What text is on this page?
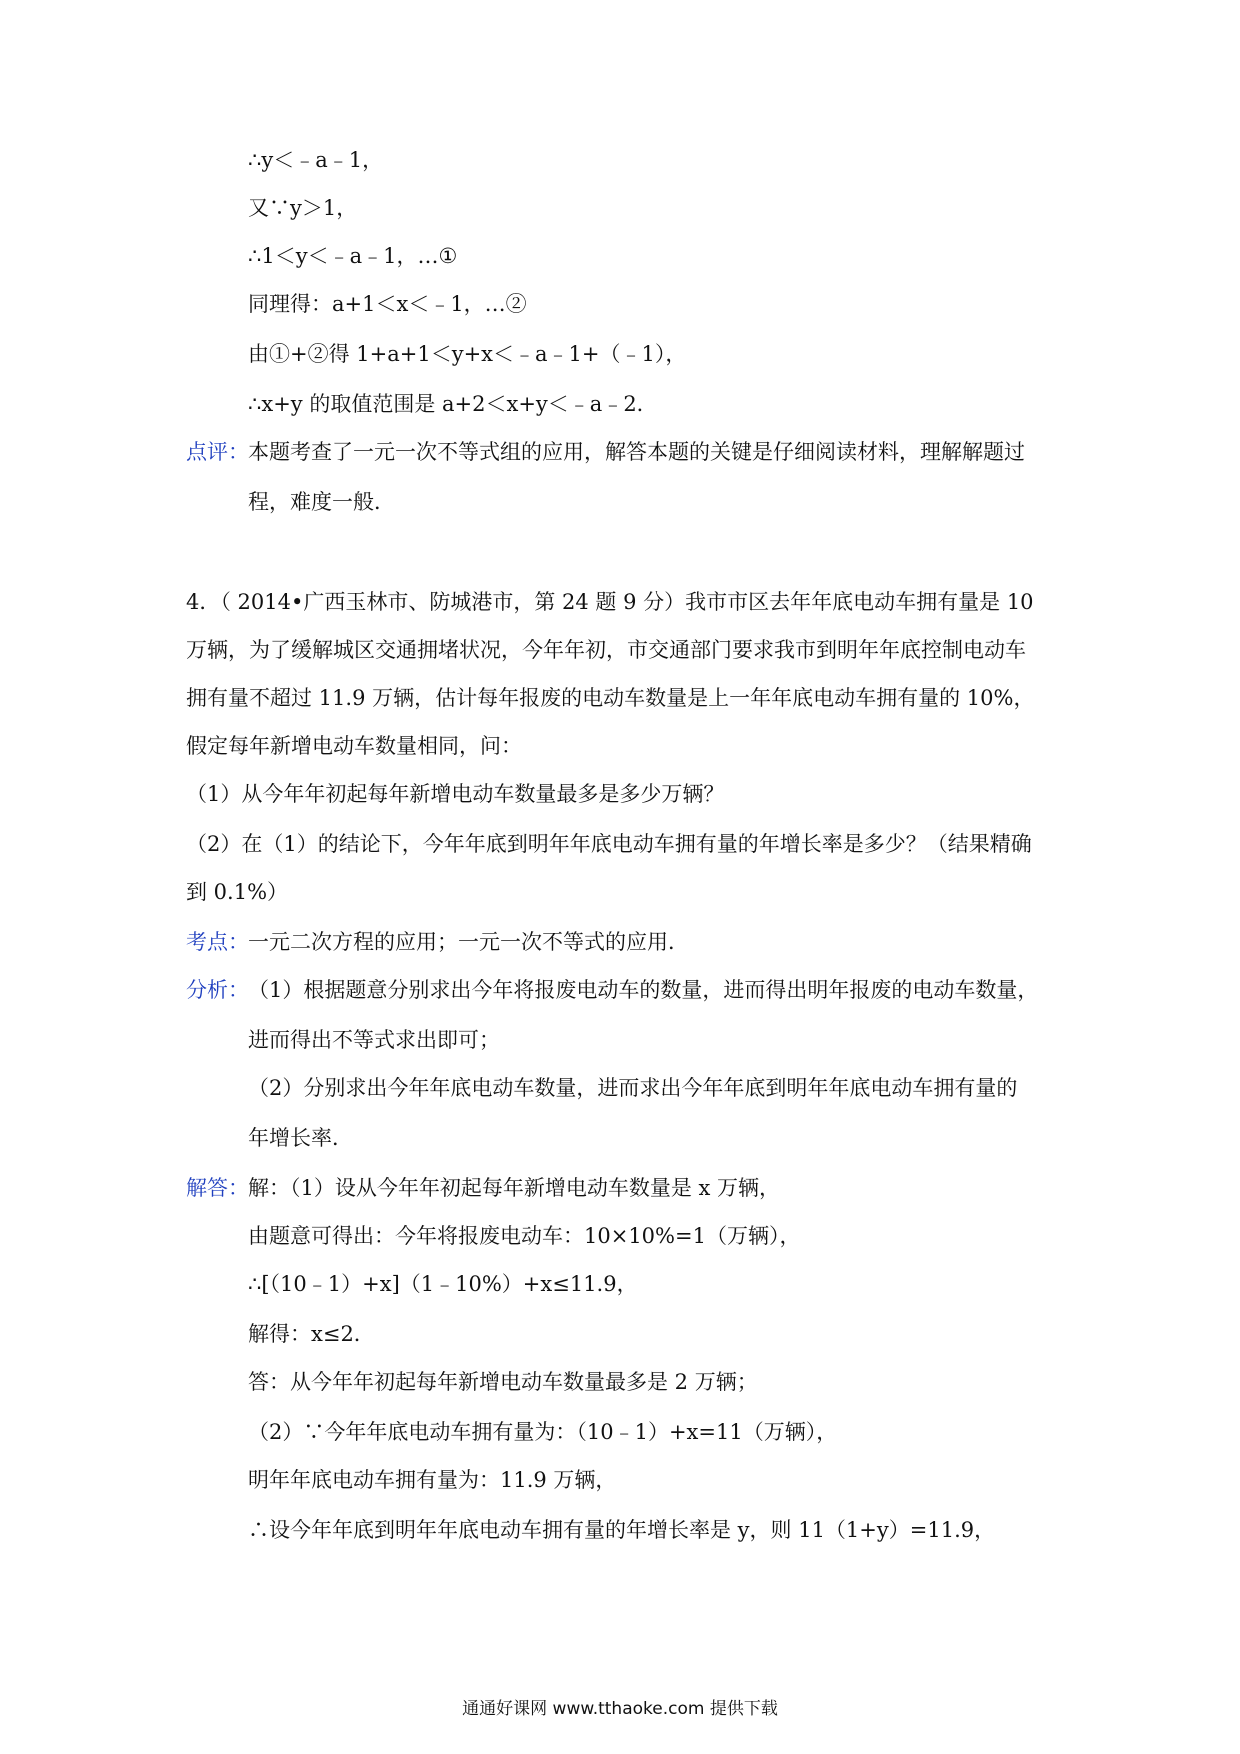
∴y＜﹣a﹣1，
又∵y＞1，
∴1＜y＜﹣a﹣1，…①
同理得：a+1＜x＜﹣1，…②
由①+②得 1+a+1＜y+x＜﹣a﹣1+（﹣1），
∴x+y 的取值范围是 a+2＜x+y＜﹣a﹣2．
点评： 本题考查了一元一次不等式组的应用，解答本题的关键是仔细阅读材料，理解解题过
程，难度一般．
4．（ 2014•广西玉林市、防城港市，第 24 题 9 分）我市市区去年年底电动车拥有量是 10
万辆，为了缓解城区交通拥堵状况，今年年初，市交通部门要求我市到明年年底控制电动车
拥有量不超过 11.9 万辆，估计每年报废的电动车数量是上一年年底电动车拥有量的 10%，
假定每年新增电动车数量相同，问：
（1）从今年年初起每年新增电动车数量最多是多少万辆？
（2）在（1）的结论下，今年年底到明年年底电动车拥有量的年增长率是多少？（结果精确
到 0.1%）
考点： 一元二次方程的应用；一元一次不等式的应用．
分析： （1）根据题意分别求出今年将报废电动车的数量，进而得出明年报废的电动车数量，
进而得出不等式求出即可；
（2）分别求出今年年底电动车数量，进而求出今年年底到明年年底电动车拥有量的
年增长率．
解答： 解：（1）设从今年年初起每年新增电动车数量是 x 万辆，
由题意可得出：今年将报废电动车：10×10%=1（万辆），
∴[（10﹣1）+x]（1﹣10%）+x≤11.9，
解得：x≤2．
答：从今年年初起每年新增电动车数量最多是 2 万辆；
（2）∵今年年底电动车拥有量为：（10﹣1）+x=11（万辆），
明年年底电动车拥有量为：11.9 万辆，
∴设今年年底到明年年底电动车拥有量的年增长率是 y，则 11（1+y）=11.9，
通通好课网 www.tthaoke.com 提供下载
